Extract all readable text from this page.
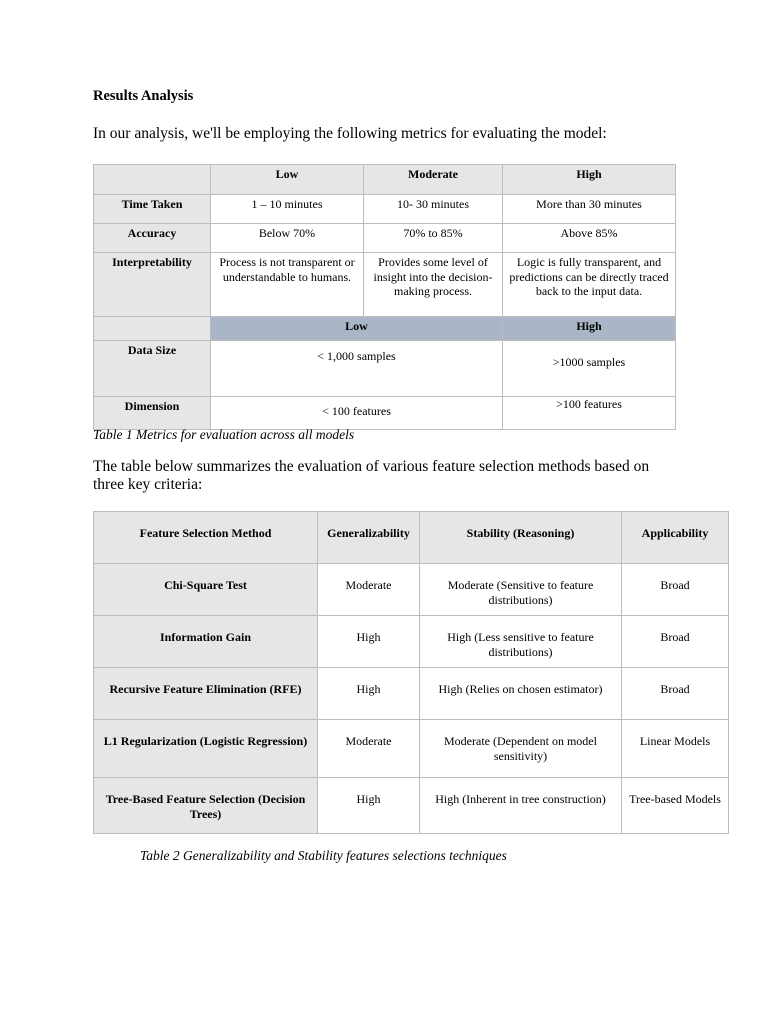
Results Analysis

In our analysis, we'll be employing the following metrics for evaluating the model:

	Low	Moderate	High
Time Taken	1 – 10 minutes	10- 30 minutes	More than 30 minutes
Accuracy	Below 70%	70% to 85%	Above 85%
Interpretability	Process is not transparent or understandable to humans.	Provides some level of insight into the decision-making process.	Logic is fully transparent, and predictions can be directly traced back to the input data.
	Low		High
Data Size	< 1,000 samples		>1000 samples
Dimension	< 100 features		>100 features

Table 1 Metrics for evaluation across all models

The table below summarizes the evaluation of various feature selection methods based on three key criteria:

Feature Selection Method	Generalizability	Stability (Reasoning)	Applicability
Chi-Square Test	Moderate	Moderate (Sensitive to feature distributions)	Broad
Information Gain	High	High (Less sensitive to feature distributions)	Broad
Recursive Feature Elimination (RFE)	High	High (Relies on chosen estimator)	Broad
L1 Regularization (Logistic Regression)	Moderate	Moderate (Dependent on model sensitivity)	Linear Models
Tree-Based Feature Selection (Decision Trees)	High	High (Inherent in tree construction)	Tree-based Models

Table 2 Generalizability and Stability features selections techniques
